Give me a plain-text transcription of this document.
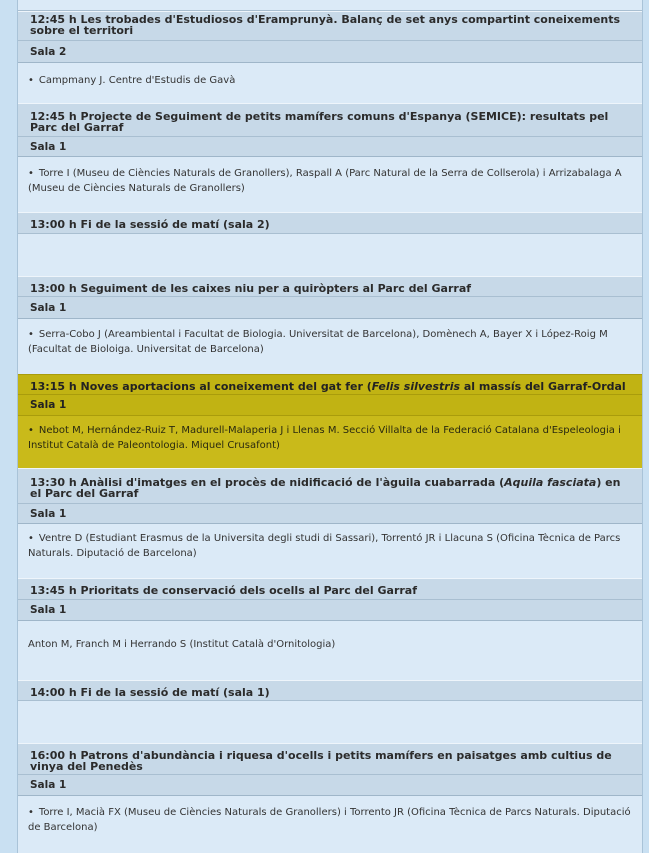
12:45 h Les trobades d'Estudiosos d'Eramprunyà. Balanç de set anys compartint coneixements sobre el territori
Sala 2
• Campmany J. Centre d'Estudis de Gavà
12:45 h Projecte de Seguiment de petits mamífers comuns d'Espanya (SEMICE): resultats pel Parc del Garraf
Sala 1
• Torre I (Museu de Ciències Naturals de Granollers), Raspall A (Parc Natural de la Serra de Collserola) i Arrizabalaga A (Museu de Ciències Naturals de Granollers)
13:00 h Fi de la sessió de matí (sala 2)
13:00 h Seguiment de les caixes niu per a quiròpters al Parc del Garraf
Sala 1
• Serra-Cobo J (Areambiental i Facultat de Biologia. Universitat de Barcelona), Domènech A, Bayer X i López-Roig M (Facultat de Bioloiga. Universitat de Barcelona)
13:15 h Noves aportacions al coneixement del gat fer (Felis silvestris al massís del Garraf-Ordal
Sala 1
• Nebot M, Hernández-Ruiz T, Madurell-Malaperia J i Llenas M. Secció Villalta de la Federació Catalana d'Espeleologia i Institut Català de Paleontologia. Miquel Crusafont)
13:30 h Anàlisi d'imatges en el procès de nidificació de l'àguila cuabarrada (Aquila fasciata) en el Parc del Garraf
Sala 1
• Ventre D (Estudiant Erasmus de la Universita degli studi di Sassari), Torrentó JR i Llacuna S (Oficina Tècnica de Parcs Naturals. Diputació de Barcelona)
13:45 h Prioritats de conservació dels ocells al Parc del Garraf
Sala 1
Anton M, Franch M i Herrando S (Institut Català d'Ornitologia)
14:00 h Fi de la sessió de matí (sala 1)
16:00 h Patrons d'abundància i riquesa d'ocells i petits mamífers en paisatges amb cultius de vinya del Penedès
Sala 1
• Torre I, Macià FX (Museu de Ciències Naturals de Granollers) i Torrento JR (Oficina Tècnica de Parcs Naturals. Diputació de Barcelona)
